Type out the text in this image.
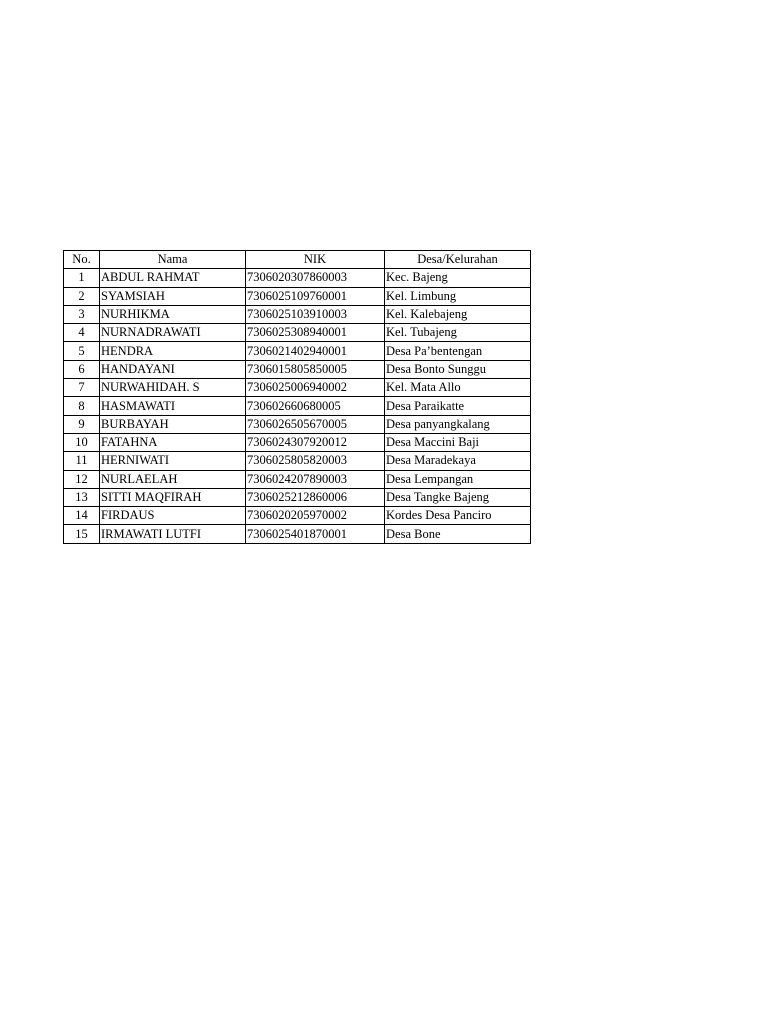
No.	Nama	NIK	Desa/Kelurahan
1	ABDUL RAHMAT	7306020307860003	Kec. Bajeng
2	SYAMSIAH	7306025109760001	Kel. Limbung
3	NURHIKMA	7306025103910003	Kel. Kalebajeng
4	NURNADRAWATI	7306025308940001	Kel. Tubajeng
5	HENDRA	7306021402940001	Desa Pa’bentengan
6	HANDAYANI	7306015805850005	Desa Bonto Sunggu
7	NURWAHIDAH. S	7306025006940002	Kel. Mata Allo
8	HASMAWATI	730602660680005	Desa Paraikatte
9	BURBAYAH	7306026505670005	Desa panyangkalang
10	FATAHNA	7306024307920012	Desa Maccini Baji
11	HERNIWATI	7306025805820003	Desa Maradekaya
12	NURLAELAH	7306024207890003	Desa Lempangan
13	SITTI MAQFIRAH	7306025212860006	Desa Tangke Bajeng
14	FIRDAUS	7306020205970002	Kordes Desa Panciro
15	IRMAWATI LUTFI	7306025401870001	Desa Bone
